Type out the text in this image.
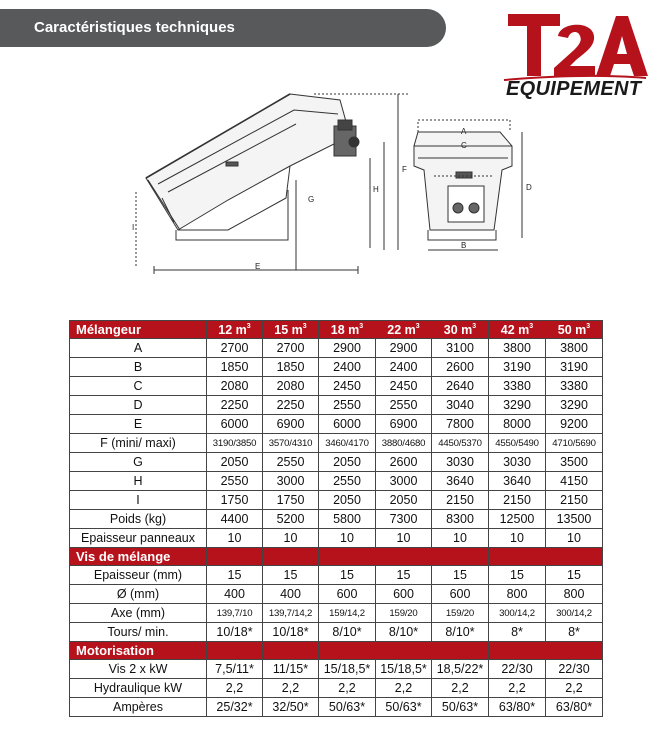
Caractéristiques techniques
EQUIPEMENT
E
I
G
H
F
A
C
B
D
Mélangeur	12 $m^3$	15 $m^3$	18 $m^3$	22 $m^3$	30 $m^3$	42 $m^3$	50 $m^3$
A	2700	2700	2900	2900	3100	3800	3800
B	1850	1850	2400	2400	2600	3190	3190
C	2080	2080	2450	2450	2640	3380	3380
D	2250	2250	2550	2550	3040	3290	3290
E	6000	6900	6000	6900	7800	8000	9200
F (mini/ maxi)	3190/3850	3570/4310	3460/4170	3880/4680	4450/5370	4550/5490	4710/5690
G	2050	2550	2050	2600	3030	3030	3500
H	2550	3000	2550	3000	3640	3640	4150
I	1750	1750	2050	2050	2150	2150	2150
Poids (kg)	4400	5200	5800	7300	8300	12500	13500
Epaisseur panneaux	10	10	10	10	10	10	10
Vis de mélange							
Epaisseur (mm)	15	15	15	15	15	15	15
Ø (mm)	400	400	600	600	600	800	800
Axe (mm)	139,7/10	139,7/14,2	159/14,2	159/20	159/20	300/14,2	300/14,2
Tours/ min.	10/18*	10/18*	8/10*	8/10*	8/10*	8*	8*
Motorisation							
Vis 2 x kW	7,5/11*	11/15*	15/18,5*	15/18,5*	18,5/22*	22/30	22/30
Hydraulique kW	2,2	2,2	2,2	2,2	2,2	2,2	2,2
Ampères	25/32*	32/50*	50/63*	50/63*	50/63*	63/80*	63/80*
